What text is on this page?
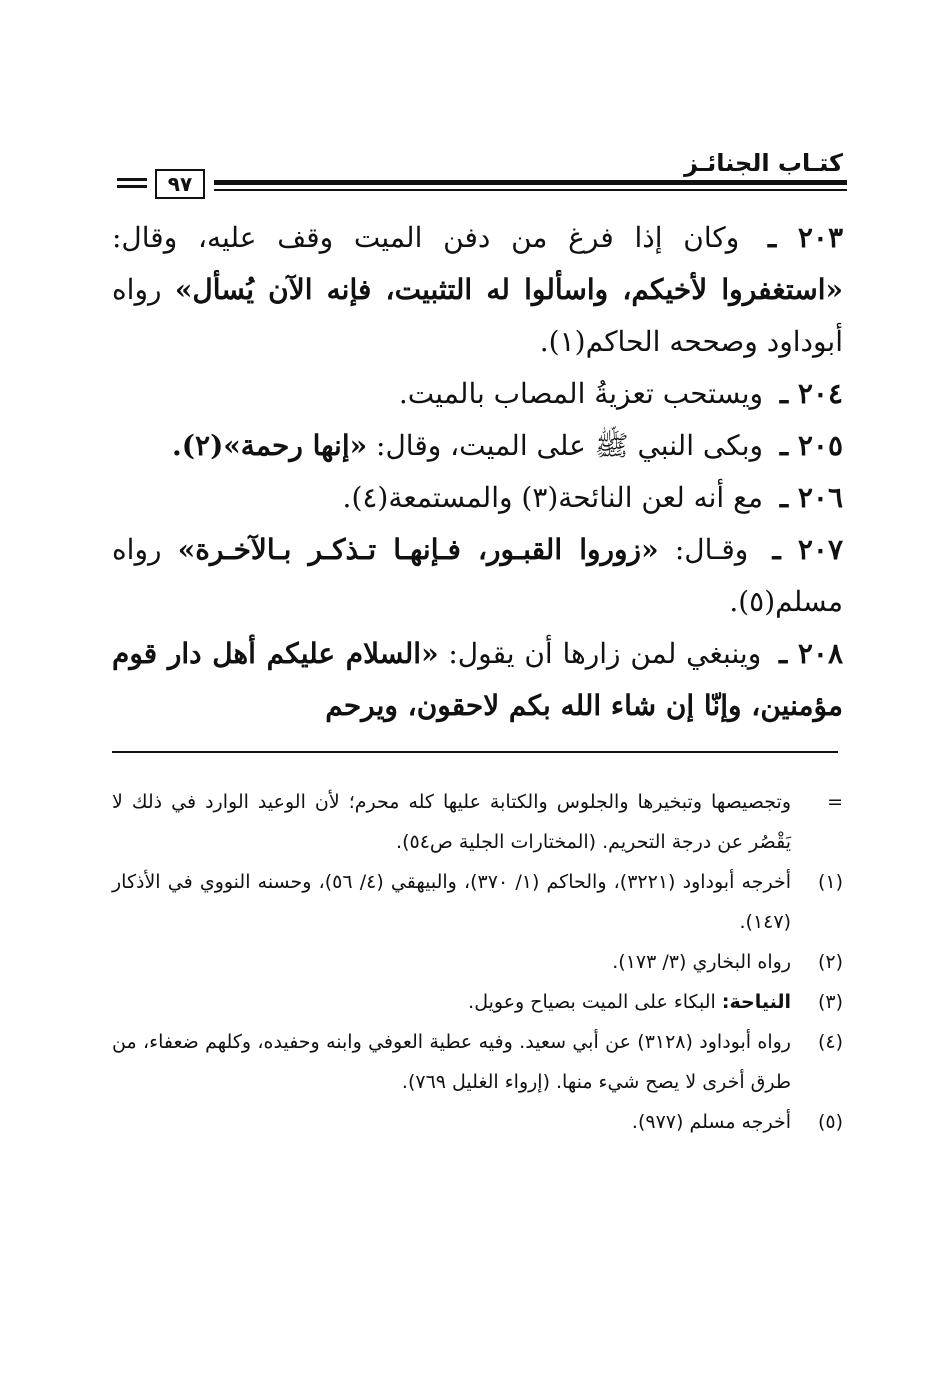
كتـاب الجنائـز
٩٧

٢٠٣ ـ وكان إذا فرغ من دفن الميت وقف عليه، وقال: «استغفروا لأخيكم، واسألوا له التثبيت، فإنه الآن يُسأل» رواه أبوداود وصححه الحاكم(١).

٢٠٤ ـ ويستحب تعزيةُ المصاب بالميت.

٢٠٥ ـ وبكى النبي ﷺ على الميت، وقال: «إنها رحمة»(٢).

٢٠٦ ـ مع أنه لعن النائحة(٣) والمستمعة(٤).

٢٠٧ ـ وقـال: «زوروا القبـور، فـإنهـا تـذكـر بـالآخـرة» رواه مسلم(٥).

٢٠٨ ـ وينبغي لمن زارها أن يقول: «السلام عليكم أهل دار قوم مؤمنين، وإنّا إن شاء الله بكم لاحقون، ويرحم

=
وتجصيصها وتبخيرها والجلوس والكتابة عليها كله محرم؛ لأن الوعيد الوارد في ذلك لا يَقْصُر عن درجة التحريم. (المختارات الجلية ص٥٤).
(١)
أخرجه أبوداود (٣٢٢١)، والحاكم (١/ ٣٧٠)، والبيهقي (٤/ ٥٦)، وحسنه النووي في الأذكار (١٤٧).
(٢)
رواه البخاري (٣/ ١٧٣).
(٣)
النياحة: البكاء على الميت بصياح وعويل.
(٤)
رواه أبوداود (٣١٢٨) عن أبي سعيد. وفيه عطية العوفي وابنه وحفيده، وكلهم ضعفاء، من طرق أخرى لا يصح شيء منها. (إرواء الغليل ٧٦٩).
(٥)
أخرجه مسلم (٩٧٧).
